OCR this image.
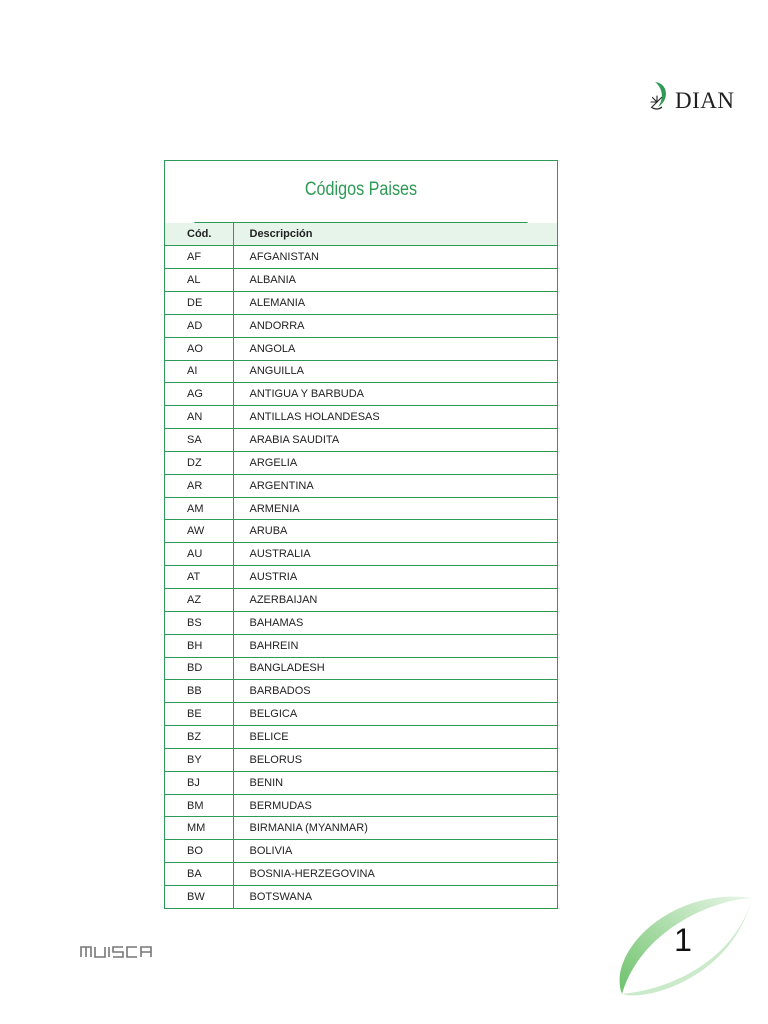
DIAN
Códigos Paises
Cód.	Descripción
AF	AFGANISTAN
AL	ALBANIA
DE	ALEMANIA
AD	ANDORRA
AO	ANGOLA
AI	ANGUILLA
AG	ANTIGUA Y BARBUDA
AN	ANTILLAS HOLANDESAS
SA	ARABIA SAUDITA
DZ	ARGELIA
AR	ARGENTINA
AM	ARMENIA
AW	ARUBA
AU	AUSTRALIA
AT	AUSTRIA
AZ	AZERBAIJAN
BS	BAHAMAS
BH	BAHREIN
BD	BANGLADESH
BB	BARBADOS
BE	BELGICA
BZ	BELICE
BY	BELORUS
BJ	BENIN
BM	BERMUDAS
MM	BIRMANIA (MYANMAR)
BO	BOLIVIA
BA	BOSNIA-HERZEGOVINA
BW	BOTSWANA
1
